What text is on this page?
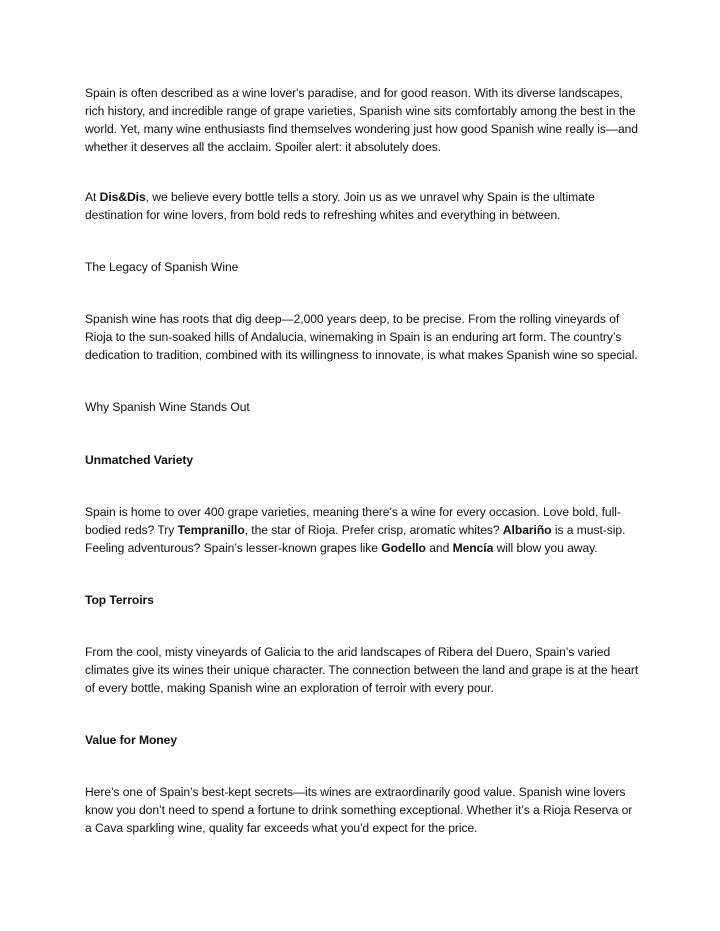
Spain is often described as a wine lover's paradise, and for good reason. With its diverse landscapes, rich history, and incredible range of grape varieties, Spanish wine sits comfortably among the best in the world. Yet, many wine enthusiasts find themselves wondering just how good Spanish wine really is—and whether it deserves all the acclaim. Spoiler alert: it absolutely does.

At Dis&Dis, we believe every bottle tells a story. Join us as we unravel why Spain is the ultimate destination for wine lovers, from bold reds to refreshing whites and everything in between.

The Legacy of Spanish Wine

Spanish wine has roots that dig deep—2,000 years deep, to be precise. From the rolling vineyards of Rioja to the sun-soaked hills of Andalucia, winemaking in Spain is an enduring art form. The country’s dedication to tradition, combined with its willingness to innovate, is what makes Spanish wine so special.

Why Spanish Wine Stands Out

Unmatched Variety

Spain is home to over 400 grape varieties, meaning there’s a wine for every occasion. Love bold, full-bodied reds? Try Tempranillo, the star of Rioja. Prefer crisp, aromatic whites? Albariño is a must-sip. Feeling adventurous? Spain’s lesser-known grapes like Godello and Mencía will blow you away.

Top Terroirs

From the cool, misty vineyards of Galicia to the arid landscapes of Ribera del Duero, Spain’s varied climates give its wines their unique character. The connection between the land and grape is at the heart of every bottle, making Spanish wine an exploration of terroir with every pour.

Value for Money

Here’s one of Spain’s best-kept secrets—its wines are extraordinarily good value. Spanish wine lovers know you don’t need to spend a fortune to drink something exceptional. Whether it’s a Rioja Reserva or a Cava sparkling wine, quality far exceeds what you'd expect for the price.
